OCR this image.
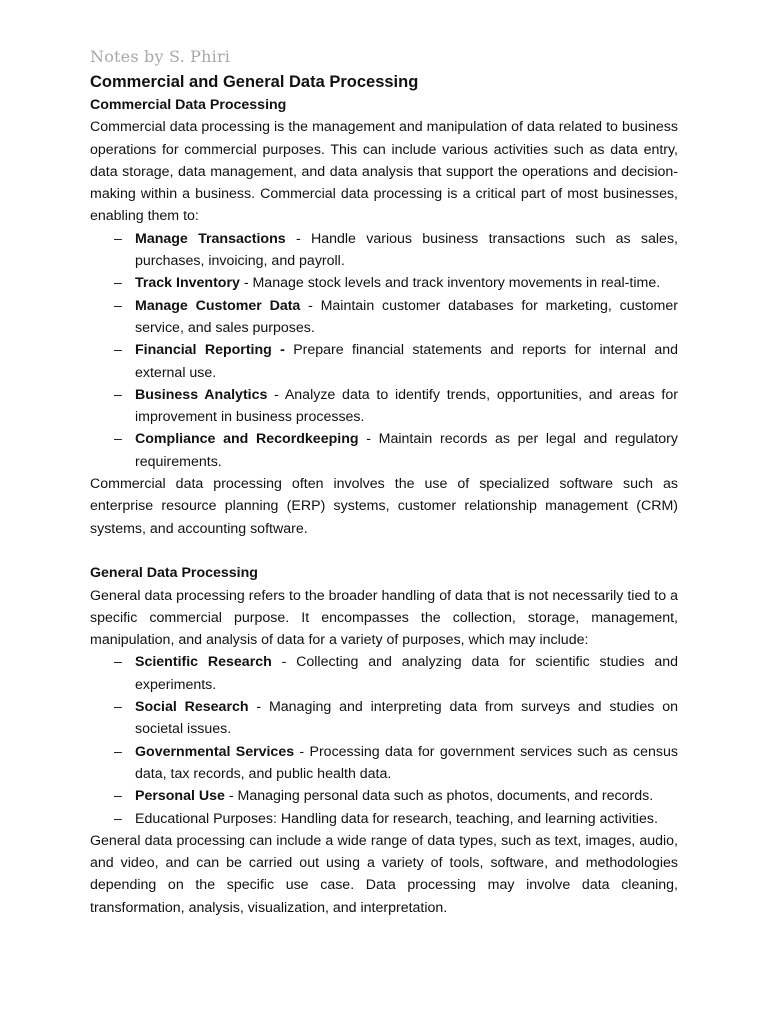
Notes by S. Phiri
Commercial and General Data Processing
Commercial Data Processing

Commercial data processing is the management and manipulation of data related to business operations for commercial purposes. This can include various activities such as data entry, data storage, data management, and data analysis that support the operations and decision-making within a business. Commercial data processing is a critical part of most businesses, enabling them to:

– Manage Transactions - Handle various business transactions such as sales, purchases, invoicing, and payroll.
– Track Inventory - Manage stock levels and track inventory movements in real-time.
– Manage Customer Data - Maintain customer databases for marketing, customer service, and sales purposes.
– Financial Reporting - Prepare financial statements and reports for internal and external use.
– Business Analytics - Analyze data to identify trends, opportunities, and areas for improvement in business processes.
– Compliance and Recordkeeping - Maintain records as per legal and regulatory requirements.

Commercial data processing often involves the use of specialized software such as enterprise resource planning (ERP) systems, customer relationship management (CRM) systems, and accounting software.

General Data Processing

General data processing refers to the broader handling of data that is not necessarily tied to a specific commercial purpose. It encompasses the collection, storage, management, manipulation, and analysis of data for a variety of purposes, which may include:

– Scientific Research - Collecting and analyzing data for scientific studies and experiments.
– Social Research - Managing and interpreting data from surveys and studies on societal issues.
– Governmental Services - Processing data for government services such as census data, tax records, and public health data.
– Personal Use - Managing personal data such as photos, documents, and records.
– Educational Purposes: Handling data for research, teaching, and learning activities.

General data processing can include a wide range of data types, such as text, images, audio, and video, and can be carried out using a variety of tools, software, and methodologies depending on the specific use case. Data processing may involve data cleaning, transformation, analysis, visualization, and interpretation.
